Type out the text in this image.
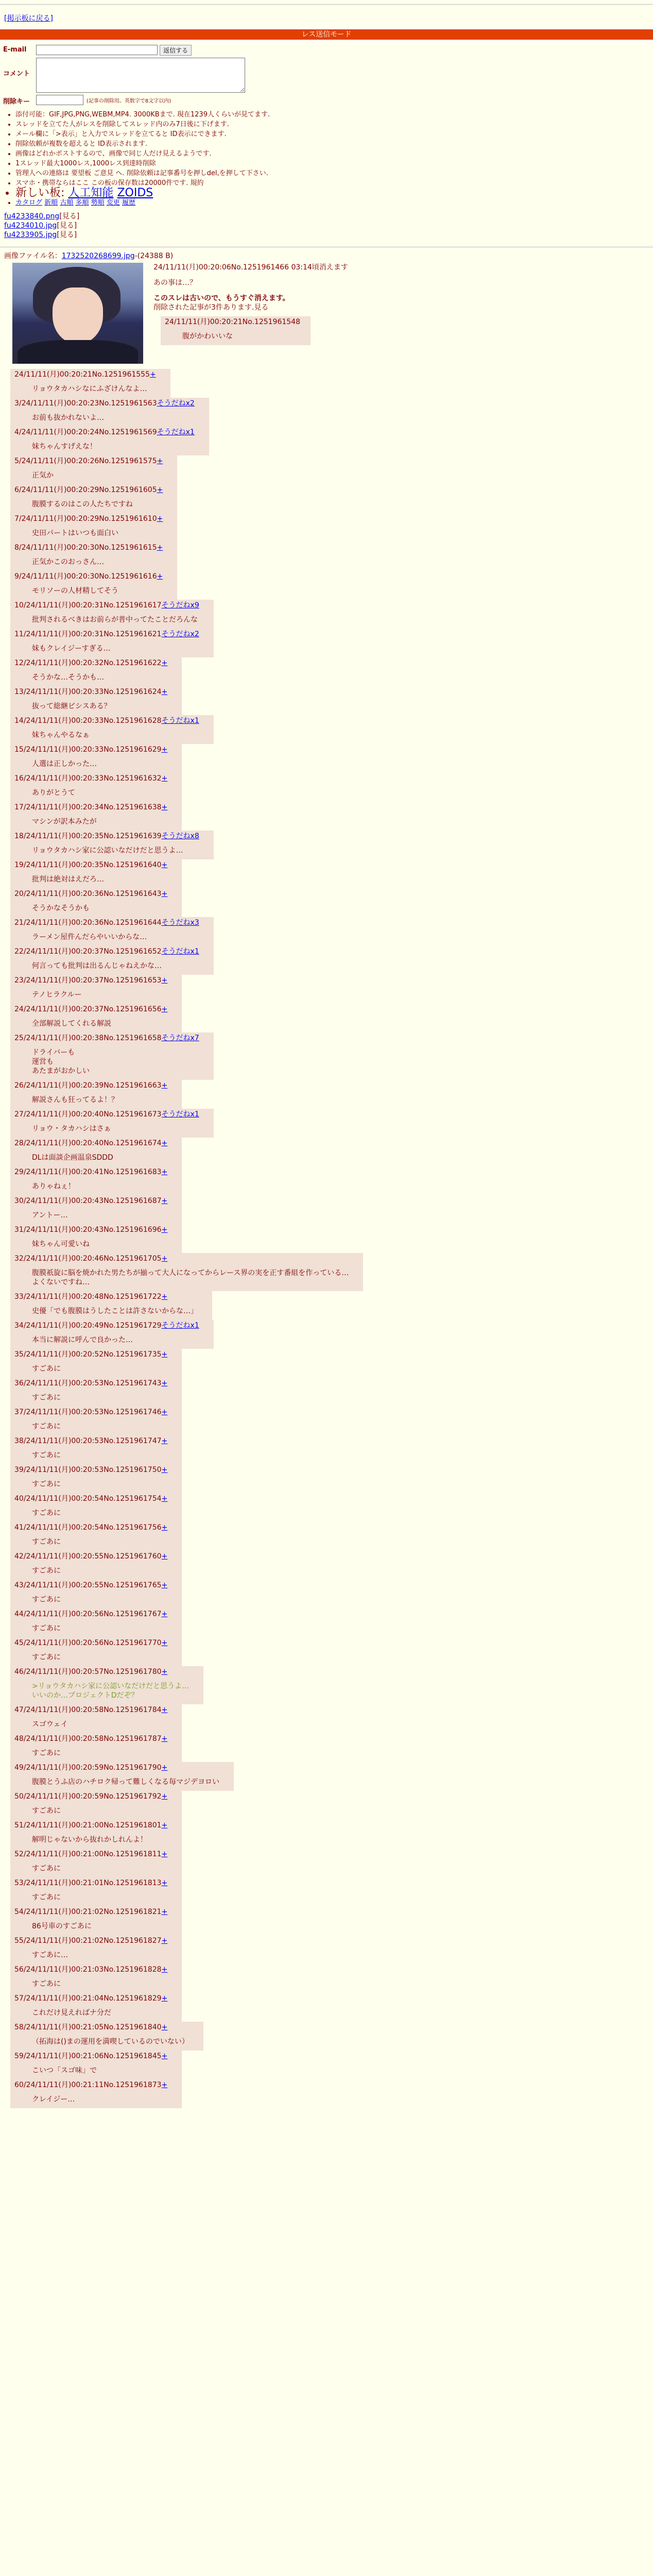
[掲示板に戻る]
レス送信モード
E-mail	返信する
コメント
削除キー	(記事の削除用。英数字で8文字以内)
• 添付可能：GIF,JPG,PNG,WEBM,MP4. 3000KBまで. 現在1239人くらいが見てます.
• スレッドを立てた人がレスを削除してスレッド内のみ7日後に下げます.
• メール欄に「>表示」と入力でスレッドを立てると ID表示にできます.
• 削除依頼が複数を超えると ID表示されます.
• 画像はどれかポストするので、画像で同じ人だけ見えるようです.
• 1スレッド最大1000レス,1000レス到達時削除
• 管理人への連絡は 要望板 ご意見 へ. 削除依頼は記事番号を押しdel,を押して下さい.
• スマホ・携帯ならはここ この板の保存数は20000件です. 規約
• 新しい板: 人工知能 ZOIDS
• カタログ 新順 古順 多順 勢順 変更 履歴
fu4233840.png[見る]
fu4234010.jpg[見る]
fu4233905.jpg[見る]
画像ファイル名：1732520268699.jpg-(24388 B)
24/11/11(月)00:20:06No.1251961466 03:14頃消えます
あの事は…？
このスレは古いので、もうすぐ消えます。
削除された記事が3件あります.見る
24/11/11(月)00:20:21No.1251961548
腹がかわいいな
24/11/11(月)00:20:21No.1251961555+
リョウタカハシなにふざけんなよ…
3/24/11/11(月)00:20:23No.1251961563そうだねx2
お前も抜かれないよ…
4/24/11/11(月)00:20:24No.1251961569そうだねx1
妹ちゃんすげえな！
5/24/11/11(月)00:20:26No.1251961575+
正気か
6/24/11/11(月)00:20:29No.1251961605+
腹膜するのはこの人たちですね
7/24/11/11(月)00:20:29No.1251961610+
史田パートはいつも面白い
8/24/11/11(月)00:20:30No.1251961615+
正気かこのおっさん…
9/24/11/11(月)00:20:30No.1251961616+
モリソーの人材精してそう
10/24/11/11(月)00:20:31No.1251961617そうだねx9
批判されるべきはお前らが普中ってたことだろんな
11/24/11/11(月)00:20:31No.1251961621そうだねx2
妹もクレイジーすぎる…
12/24/11/11(月)00:20:32No.1251961622+
そうかな…そうかも…
13/24/11/11(月)00:20:33No.1251961624+
抜って総継ビシスある？
14/24/11/11(月)00:20:33No.1251961628そうだねx1
妹ちゃんやるなぁ
15/24/11/11(月)00:20:33No.1251961629+
人選は正しかった…
16/24/11/11(月)00:20:33No.1251961632+
ありがとうて
17/24/11/11(月)00:20:34No.1251961638+
マシンが訳本みたが
18/24/11/11(月)00:20:35No.1251961639そうだねx8
リョウタカハシ家に公認いなだけだと思うよ…
19/24/11/11(月)00:20:35No.1251961640+
批判は絶対はえだろ…
20/24/11/11(月)00:20:36No.1251961643+
そうかなそうかも
21/24/11/11(月)00:20:36No.1251961644そうだねx3
ラーメン屋件んだらやいいからな…
22/24/11/11(月)00:20:37No.1251961652そうだねx1
何言っても批判は出るんじゃねえかな…
23/24/11/11(月)00:20:37No.1251961653+
テノヒラクルー
24/24/11/11(月)00:20:37No.1251961656+
全部解説してくれる解説
25/24/11/11(月)00:20:38No.1251961658そうだねx7
ドライバーも
運営も
あたまがおかしい
26/24/11/11(月)00:20:39No.1251961663+
解説さんも狂ってるよ！？
27/24/11/11(月)00:20:40No.1251961673そうだねx1
リョウ・タカハシはさぁ
28/24/11/11(月)00:20:40No.1251961674+
DLは面談企画温泉SDDD
29/24/11/11(月)00:20:41No.1251961683+
ありゃねぇ！
30/24/11/11(月)00:20:43No.1251961687+
アントー…
31/24/11/11(月)00:20:43No.1251961696+
妹ちゃん可愛いね
32/24/11/11(月)00:20:46No.1251961705+
腹膜祇旋に脳を焼かれた男たちが揃って大人になってからレース界の実を正す番組を作っている…
よくないですね…
33/24/11/11(月)00:20:48No.1251961722+
史優「でも腹膜はうしたことは許さないからな…」
34/24/11/11(月)00:20:49No.1251961729そうだねx1
本当に解説に呼んで良かった…
35/24/11/11(月)00:20:52No.1251961735+
すごあに
36/24/11/11(月)00:20:53No.1251961743+
すごあに
37/24/11/11(月)00:20:53No.1251961746+
すごあに
38/24/11/11(月)00:20:53No.1251961747+
すごあに
39/24/11/11(月)00:20:53No.1251961750+
すごあに
40/24/11/11(月)00:20:54No.1251961754+
すごあに
41/24/11/11(月)00:20:54No.1251961756+
すごあに
42/24/11/11(月)00:20:55No.1251961760+
すごあに
43/24/11/11(月)00:20:55No.1251961765+
すごあに
44/24/11/11(月)00:20:56No.1251961767+
すごあに
45/24/11/11(月)00:20:56No.1251961770+
すごあに
46/24/11/11(月)00:20:57No.1251961780+
>リョウタカハシ家に公認いなだけだと思うよ…
いいのか…プロジェクトDだぞ？
47/24/11/11(月)00:20:58No.1251961784+
スゴウェイ
48/24/11/11(月)00:20:58No.1251961787+
すごあに
49/24/11/11(月)00:20:59No.1251961790+
腹膜とうふ店のハチロク帰って難しくなる毎マジデヨロい
50/24/11/11(月)00:20:59No.1251961792+
すごあに
51/24/11/11(月)00:21:00No.1251961801+
解明じゃないから抜れかしれんよ！
52/24/11/11(月)00:21:00No.1251961811+
すごあに
53/24/11/11(月)00:21:01No.1251961813+
すごあに
54/24/11/11(月)00:21:02No.1251961821+
86号車のすごあに
55/24/11/11(月)00:21:02No.1251961827+
すごあに…
56/24/11/11(月)00:21:03No.1251961828+
すごあに
57/24/11/11(月)00:21:04No.1251961829+
これだけ見えればナ分だ
58/24/11/11(月)00:21:05No.1251961840+
（拓海は()まの運用を満喫しているのでいない）
59/24/11/11(月)00:21:06No.1251961845+
こいつ「スゴ味」で
60/24/11/11(月)00:21:11No.1251961873+
クレイジー…
